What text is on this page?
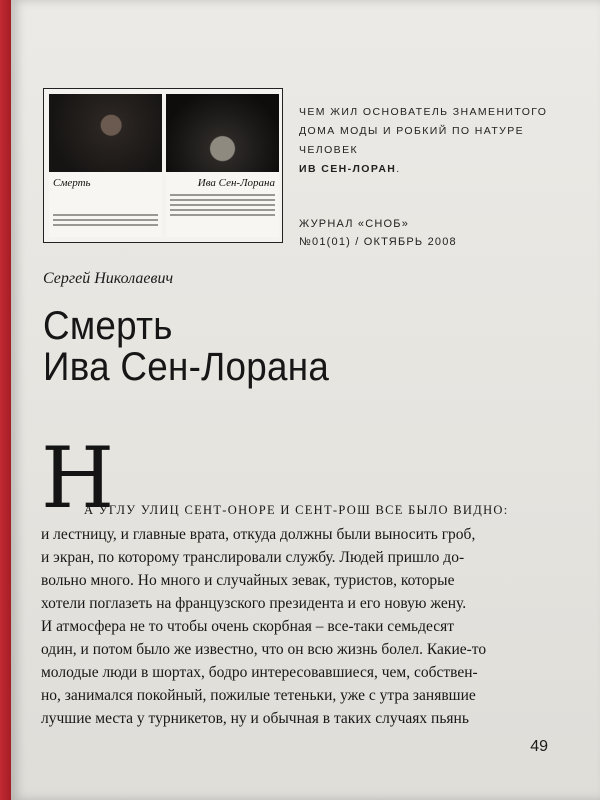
Смерть	Ива Сен-Лорана
ЧЕМ ЖИЛ ОСНОВАТЕЛЬ ЗНАМЕНИТОГО
ДОМА МОДЫ И РОБКИЙ ПО НАТУРЕ ЧЕЛОВЕК
ИВ СЕН-ЛОРАН.
ЖУРНАЛ «СНОБ»
№01(01) / ОКТЯБРЬ 2008
Сергей Николаевич
Смерть
Ива Сен-Лорана
Н
А УГЛУ УЛИЦ СЕНТ-ОНОРЕ И СЕНТ-РОШ ВСЕ БЫЛО ВИДНО:
и лестницу, и главные врата, откуда должны были выносить гроб,
и экран, по которому транслировали службу. Людей пришло до-
вольно много. Но много и случайных зевак, туристов, которые
хотели поглазеть на французского президента и его новую жену.
И атмосфера не то чтобы очень скорбная – все-таки семьдесят
один, и потом было же известно, что он всю жизнь болел. Какие-то
молодые люди в шортах, бодро интересовавшиеся, чем, собствен-
но, занимался покойный, пожилые тетеньки, уже с утра занявшие
лучшие места у турникетов, ну и обычная в таких случаях пьянь
49
